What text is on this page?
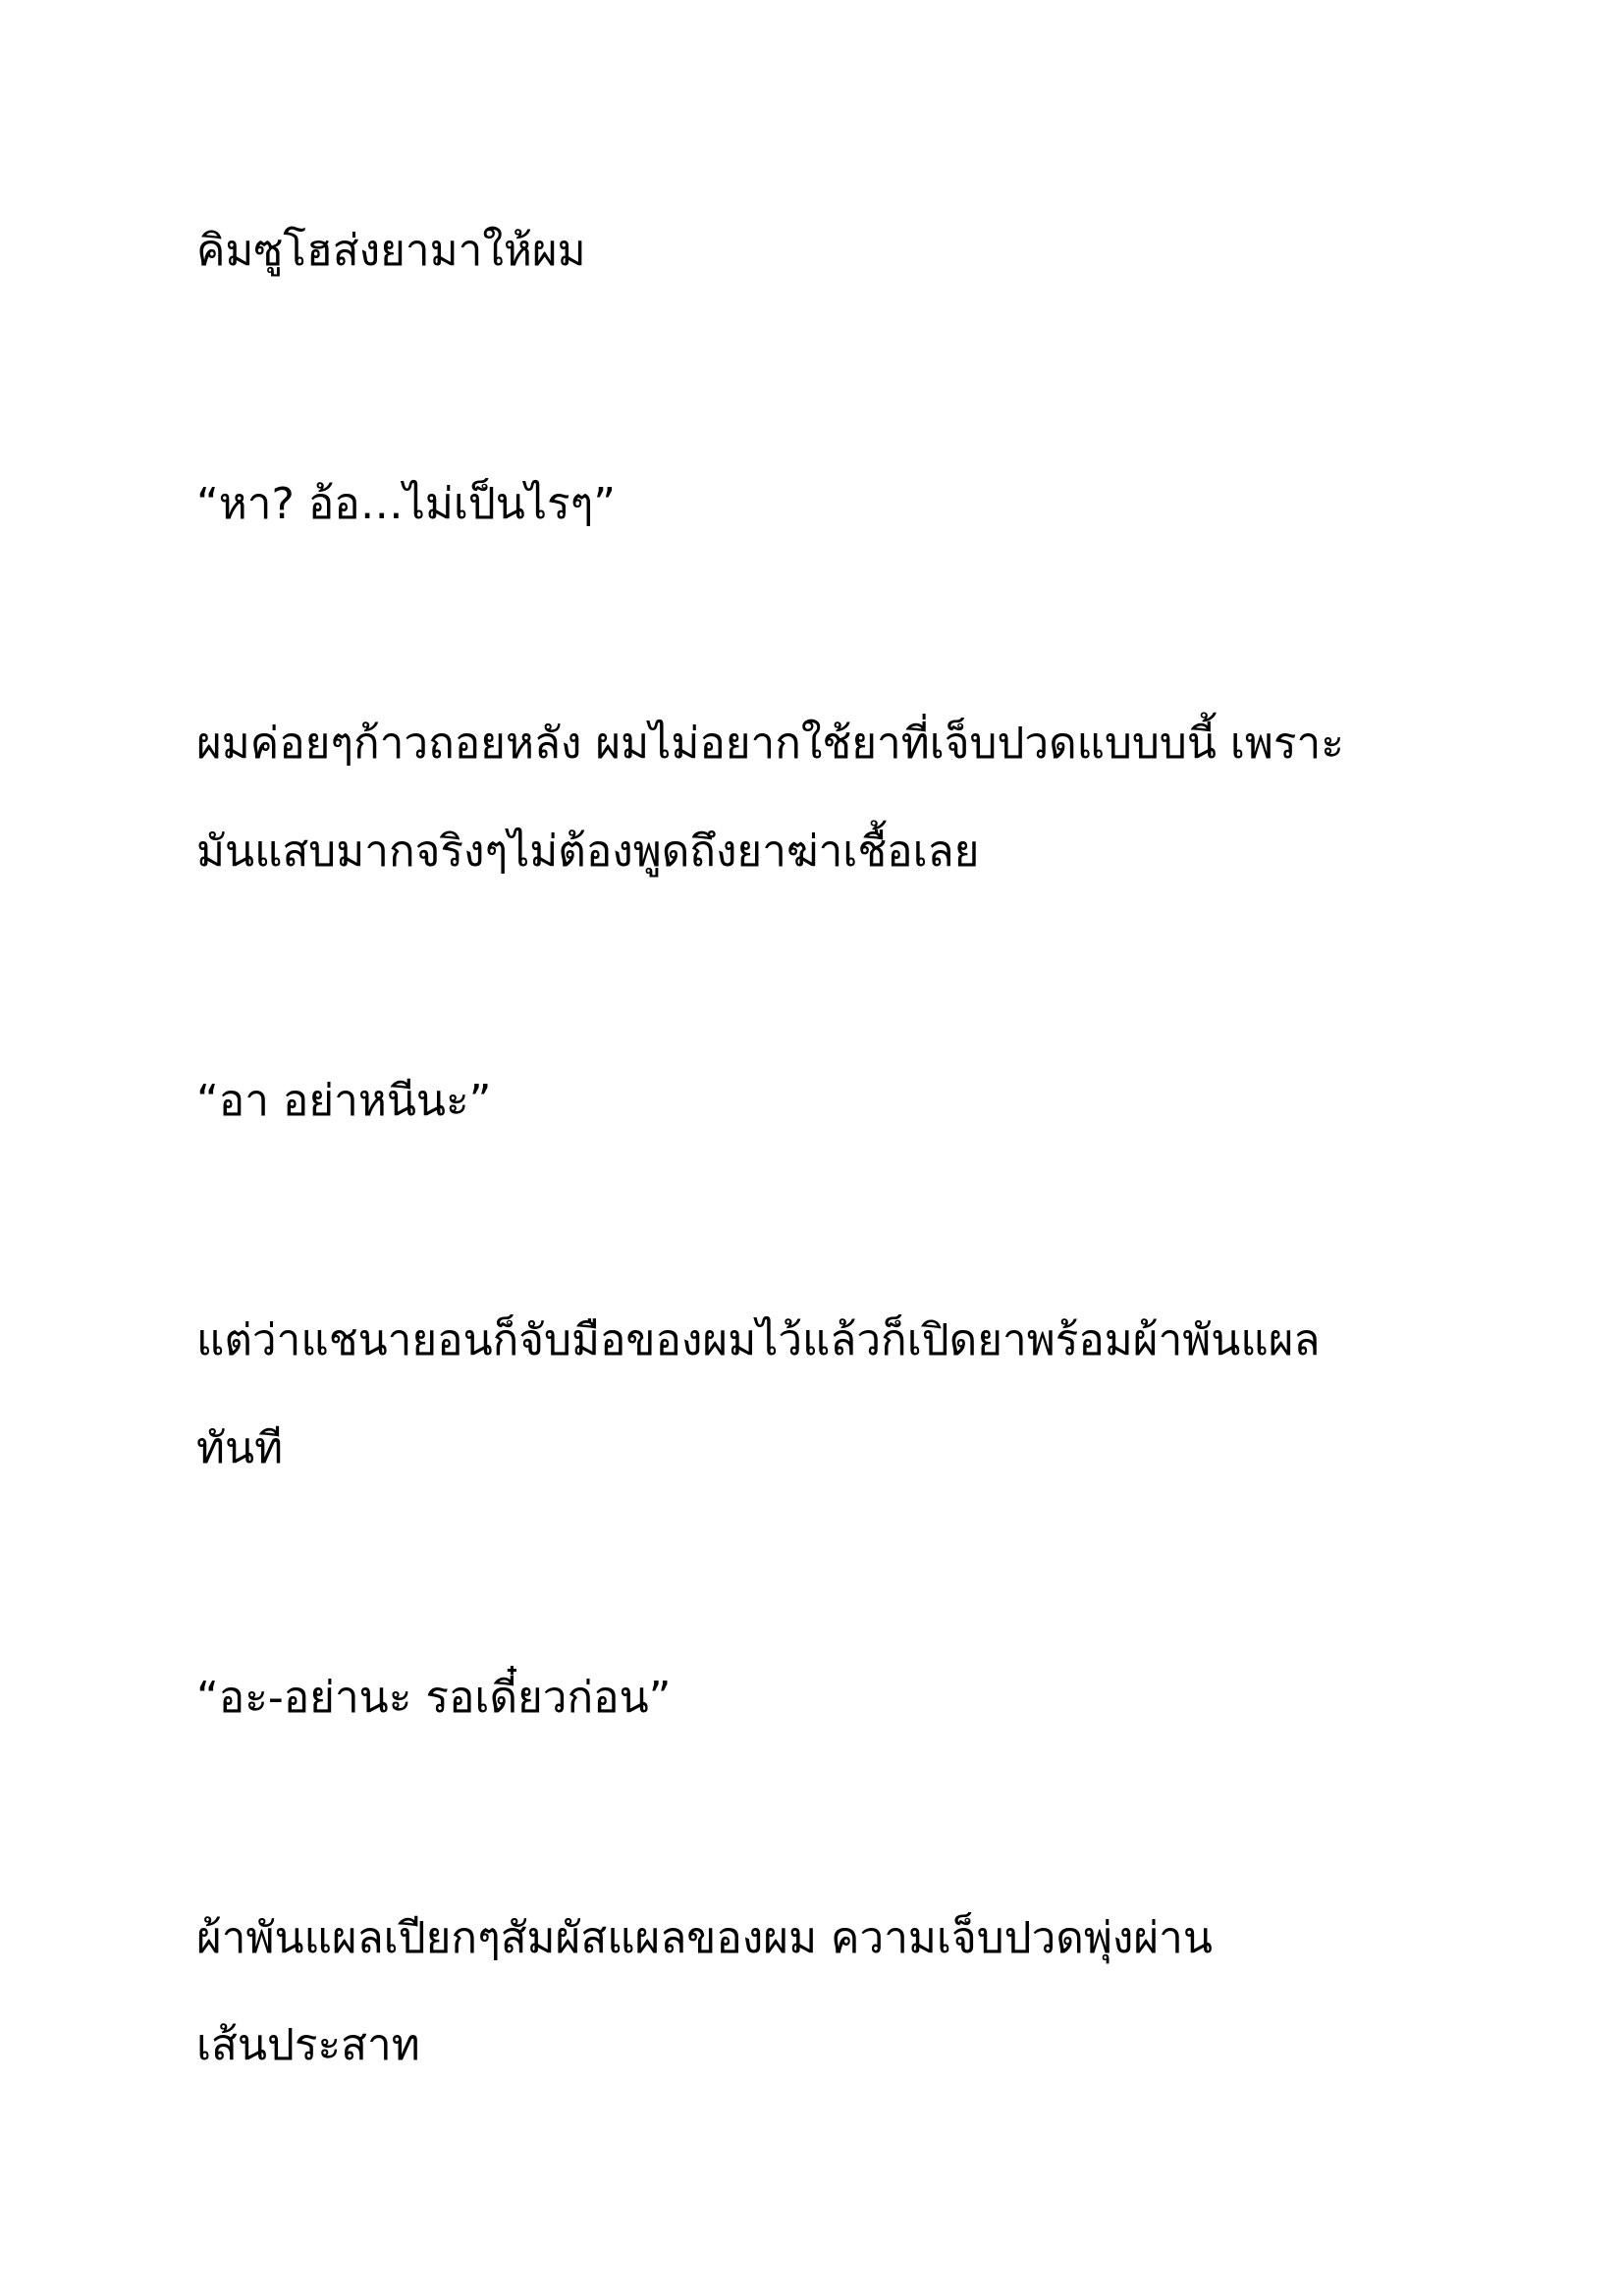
คิมซูโฮส่งยามาให้ผม

“หา? อ้อ…ไม่เป็นไรๆ”

ผมค่อยๆก้าวถอยหลัง ผมไม่อยากใช้ยาที่เจ็บปวดแบบบนี้ เพราะ

มันแสบมากจริงๆไม่ต้องพูดถึงยาฆ่าเชื้อเลย

“อา อย่าหนีนะ”

แต่ว่าแชนายอนก็จับมือของผมไว้แล้วก็เปิดยาพร้อมผ้าพันแผล

ทันที

“อะ-อย่านะ รอเดี๋ยวก่อน”

ผ้าพันแผลเปียกๆสัมผัสแผลของผม ความเจ็บปวดพุ่งผ่าน

เส้นประสาท
